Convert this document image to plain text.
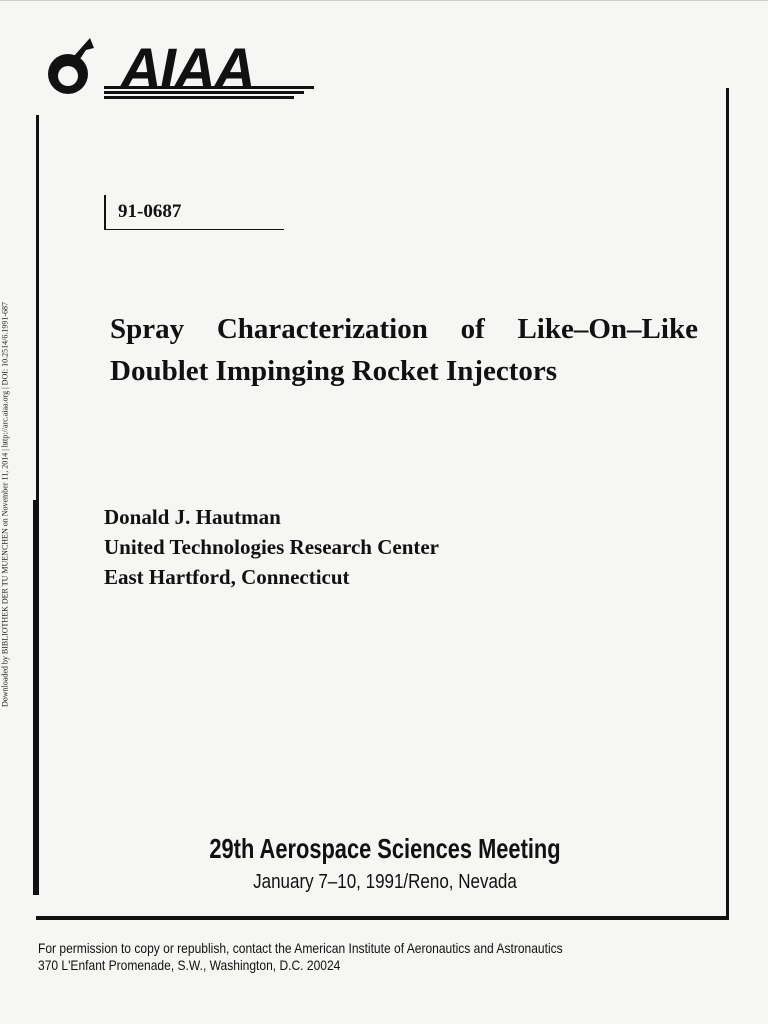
Downloaded by BIBLIOTHEK DER TU MUENCHEN on November 11, 2014 | http://arc.aiaa.org | DOI: 10.2514/6.1991-687
AIAA
91-0687
Spray Characterization of Like–On–Like
Doublet Impinging Rocket Injectors
Donald J. Hautman
United Technologies Research Center
East Hartford, Connecticut
29th Aerospace Sciences Meeting
January 7–10, 1991/Reno, Nevada
For permission to copy or republish, contact the American Institute of Aeronautics and Astronautics
370 L'Enfant Promenade, S.W., Washington, D.C. 20024
